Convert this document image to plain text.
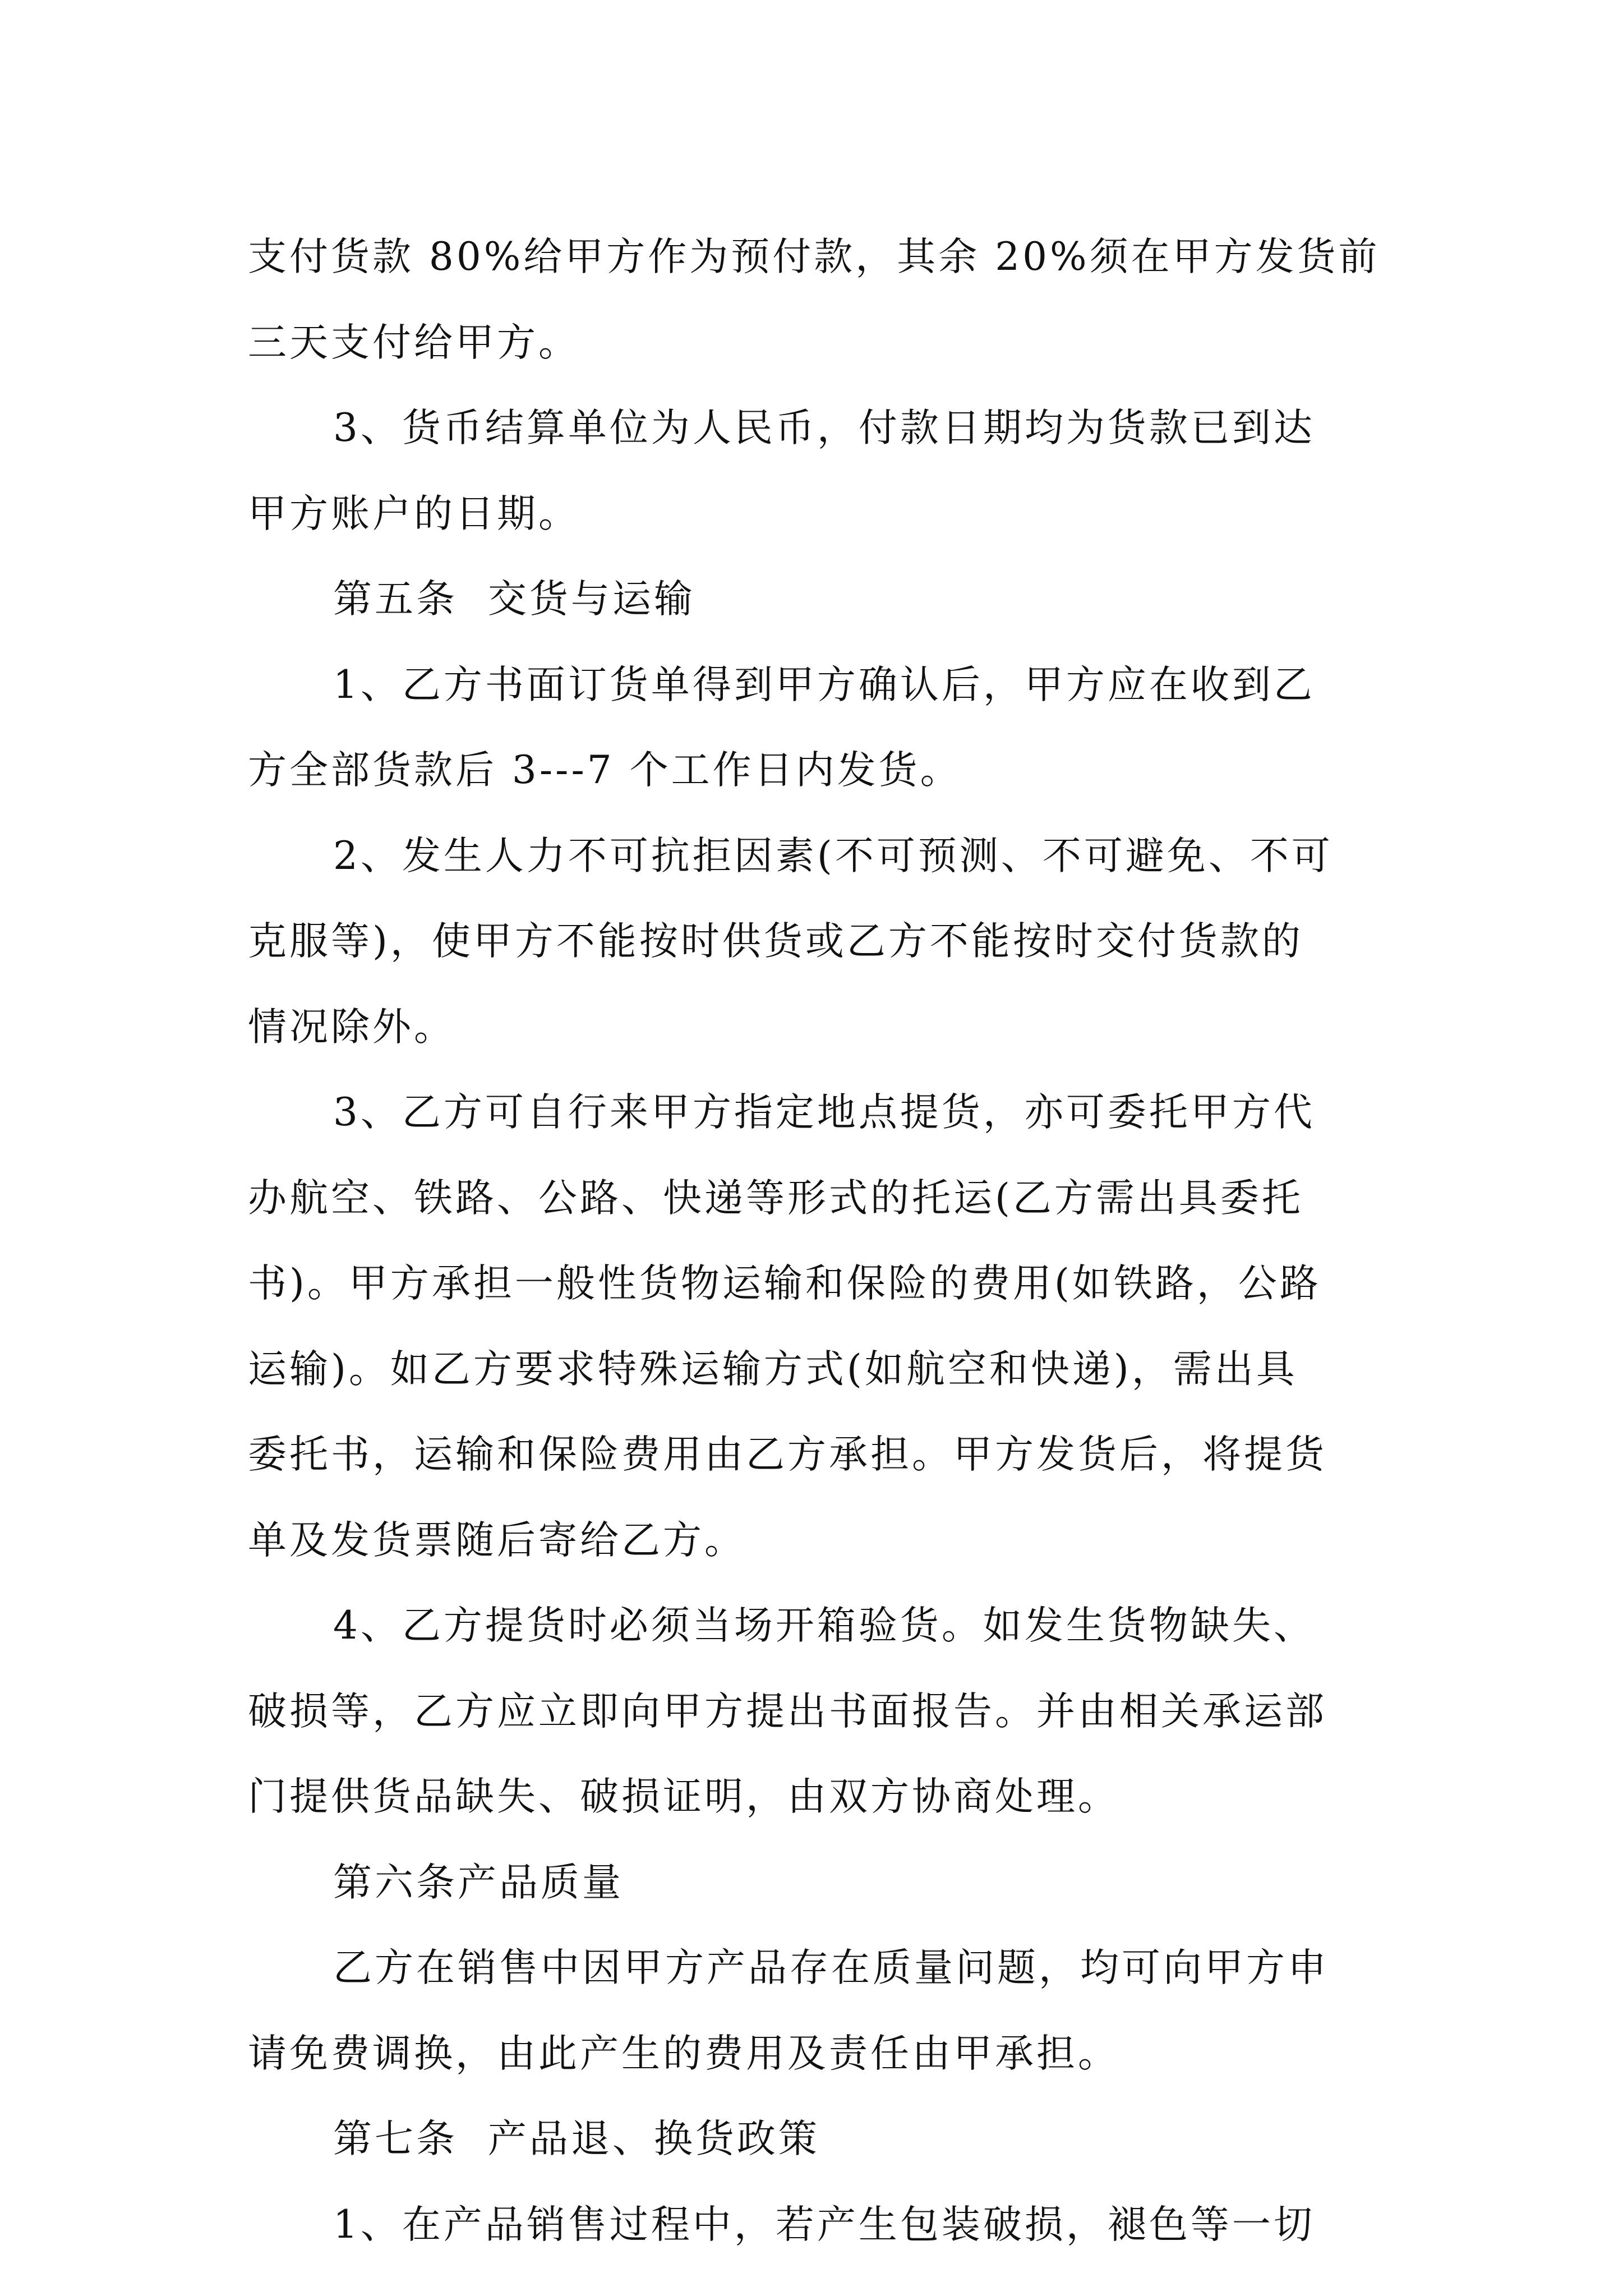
支付货款 80%给甲方作为预付款，其余 20%须在甲方发货前
三天支付给甲方。

3、货币结算单位为人民币，付款日期均为货款已到达
甲方账户的日期。

第五条  交货与运输

1、乙方书面订货单得到甲方确认后，甲方应在收到乙
方全部货款后 3---7 个工作日内发货。

2、发生人力不可抗拒因素(不可预测、不可避免、不可
克服等)，使甲方不能按时供货或乙方不能按时交付货款的
情况除外。

3、乙方可自行来甲方指定地点提货，亦可委托甲方代
办航空、铁路、公路、快递等形式的托运(乙方需出具委托
书)。甲方承担一般性货物运输和保险的费用(如铁路，公路
运输)。如乙方要求特殊运输方式(如航空和快递)，需出具
委托书，运输和保险费用由乙方承担。甲方发货后，将提货
单及发货票随后寄给乙方。

4、乙方提货时必须当场开箱验货。如发生货物缺失、
破损等，乙方应立即向甲方提出书面报告。并由相关承运部
门提供货品缺失、破损证明，由双方协商处理。

第六条产品质量

乙方在销售中因甲方产品存在质量问题，均可向甲方申
请免费调换，由此产生的费用及责任由甲承担。

第七条  产品退、换货政策

1、在产品销售过程中，若产生包装破损，褪色等一切
